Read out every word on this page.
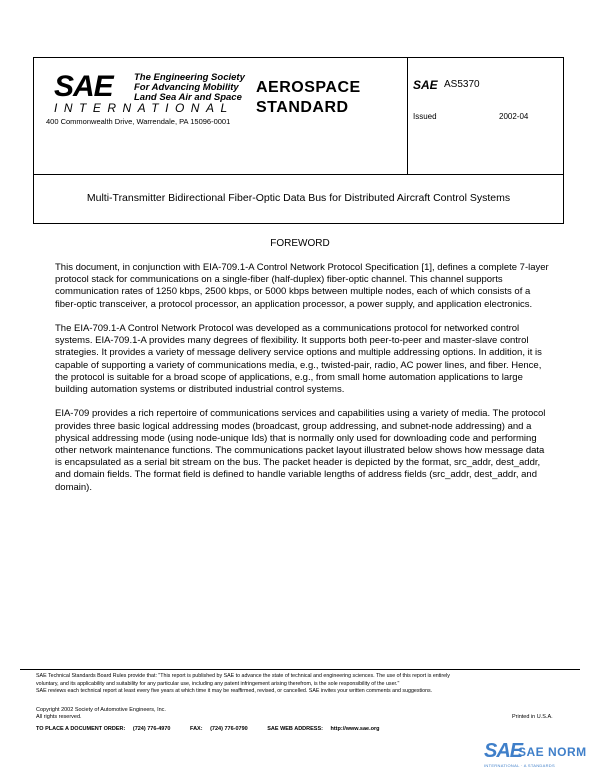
SAE The Engineering Society
For Advancing Mobility
Land Sea Air and Space
INTERNATIONAL
400 Commonwealth Drive, Warrendale, PA 15096-0001
AEROSPACE
STANDARD
SAE AS5370
Issued	2002-04
Multi-Transmitter Bidirectional Fiber-Optic Data Bus for Distributed Aircraft Control Systems
FOREWORD

This document, in conjunction with EIA-709.1-A Control Network Protocol Specification [1], defines a complete 7-layer protocol stack for communications on a single-fiber (half-duplex) fiber-optic channel. This channel supports communication rates of 1250 kbps, 2500 kbps, or 5000 kbps between multiple nodes, each of which consists of a fiber-optic transceiver, a protocol processor, an application processor, a power supply, and application electronics.

The EIA-709.1-A Control Network Protocol was developed as a communications protocol for networked control systems. EIA-709.1-A provides many degrees of flexibility. It supports both peer-to-peer and master-slave control strategies. It provides a variety of message delivery service options and multiple addressing options. In addition, it is capable of supporting a variety of communications media, e.g., twisted-pair, radio, AC power lines, and fiber. Hence, the protocol is suitable for a broad scope of applications, e.g., from small home automation applications to large building automation systems or distributed industrial control systems.

EIA-709 provides a rich repertoire of communications services and capabilities using a variety of media. The protocol provides three basic logical addressing modes (broadcast, group addressing, and subnet-node addressing) and a physical addressing mode (using node-unique Ids) that is normally only used for downloading code and performing other network maintenance functions. The communications packet layout illustrated below shows how message data is encapsulated as a serial bit stream on the bus. The packet header is depicted by the format, src_addr, dest_addr, and domain fields. The format field is defined to handle variable lengths of address fields (src_addr, dest_addr, and domain).

SAE Technical Standards Board Rules provide that: "This report is published by SAE to advance the state of technical and engineering sciences. The use of this report is entirely
voluntary, and its applicability and suitability for any particular use, including any patent infringement arising therefrom, is the sole responsibility of the user."
SAE reviews each technical report at least every five years at which time it may be reaffirmed, revised, or cancelled. SAE invites your written comments and suggestions.
Copyright 2002 Society of Automotive Engineers, Inc.
All rights reserved.	Printed in U.S.A.
TO PLACE A DOCUMENT ORDER: (724) 776-4970	FAX: (724) 776-0790	SAE WEB ADDRESS: http://www.sae.org
SAE
SAE NORM
INTERNATIONAL · A STANDARDS
